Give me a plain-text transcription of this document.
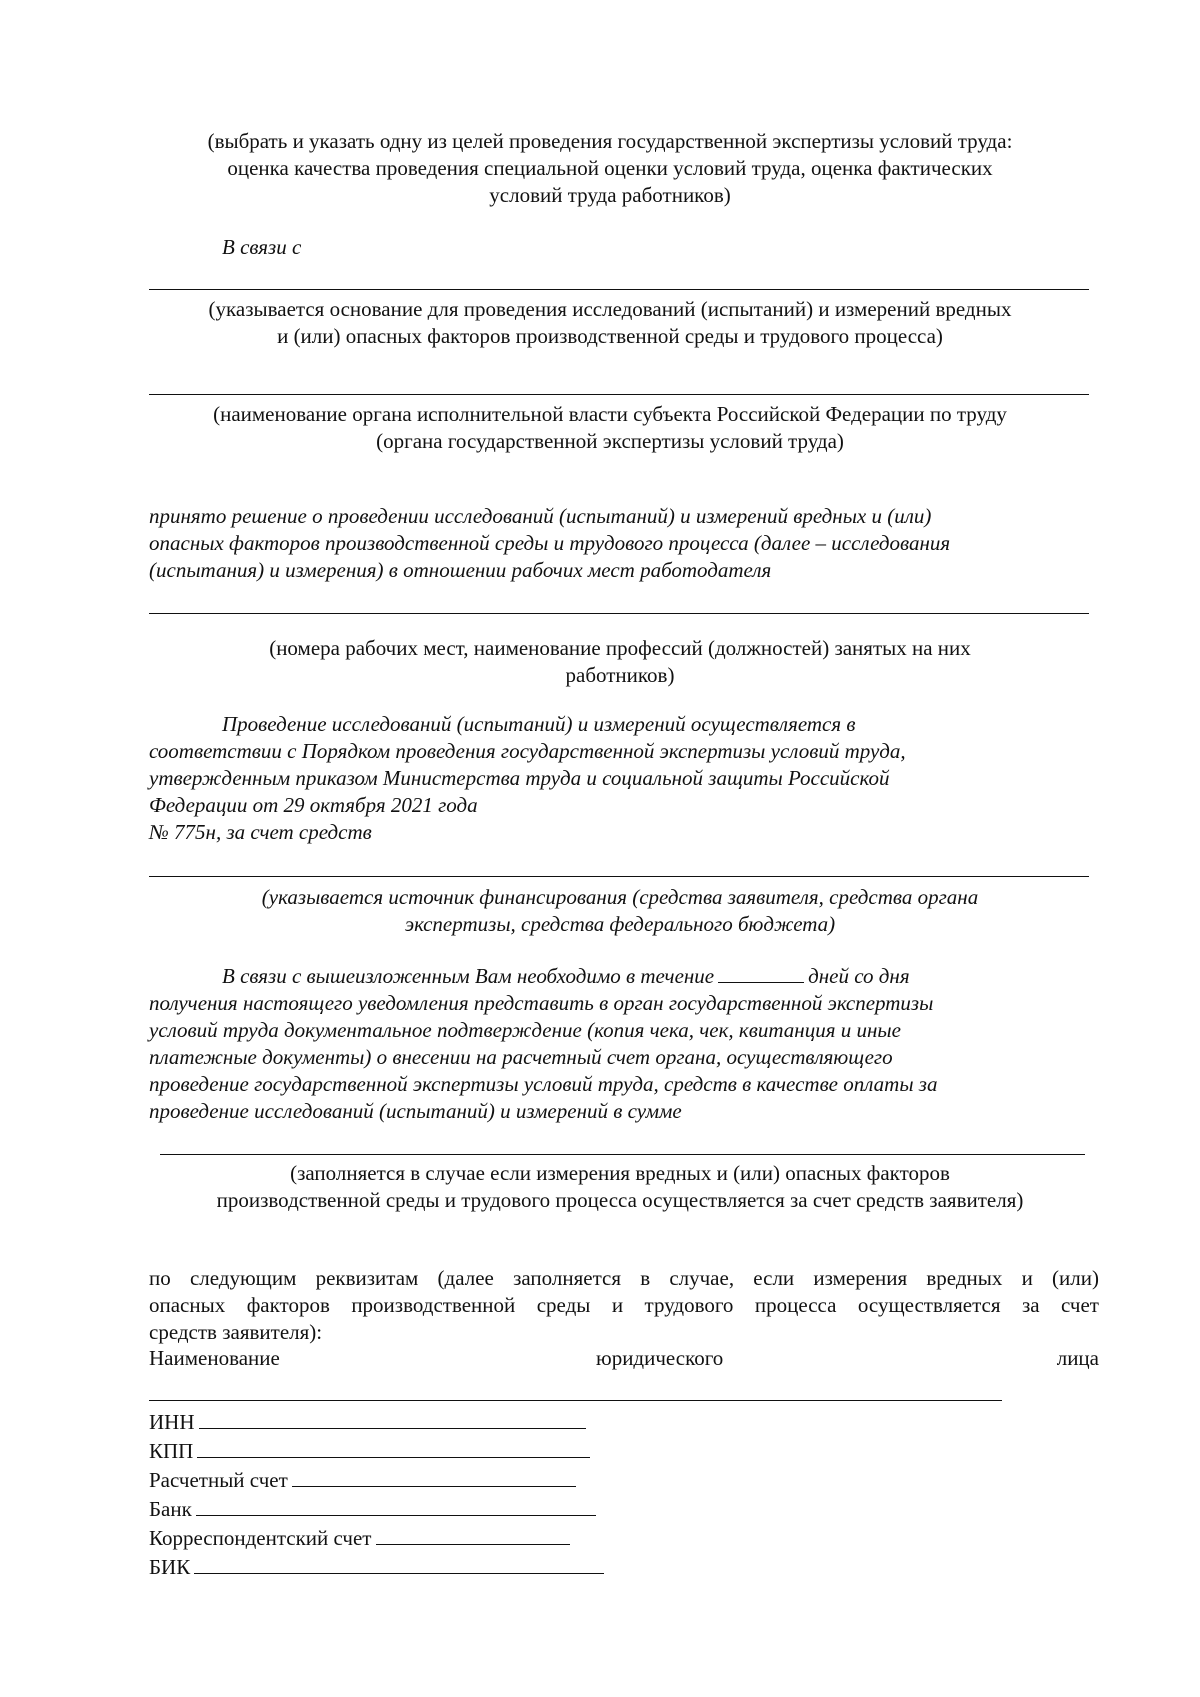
(выбрать и указать одну из целей проведения государственной экспертизы условий труда:
оценка качества проведения специальной оценки условий труда, оценка фактических
условий труда работников)
В связи с
(указывается основание для проведения исследований (испытаний) и измерений вредных
и (или) опасных факторов производственной среды и трудового процесса)
(наименование органа исполнительной власти субъекта Российской Федерации по труду
(органа государственной экспертизы условий труда)
принято решение о проведении исследований (испытаний) и измерений вредных и (или)
опасных факторов производственной среды и трудового процесса (далее – исследования
(испытания) и измерения) в отношении рабочих мест работодателя
(номера рабочих мест, наименование профессий (должностей) занятых на них
работников)
Проведение исследований (испытаний) и измерений осуществляется в
соответствии с Порядком проведения государственной экспертизы условий труда,
утвержденным приказом Министерства труда и социальной защиты Российской
Федерации от 29 октября 2021 года
№ 775н, за счет средств
(указывается источник финансирования (средства заявителя, средства органа
экспертизы, средства федерального бюджета)
В связи с вышеизложенным Вам необходимо в течение	дней со дня
получения настоящего уведомления представить в орган государственной экспертизы
условий труда документальное подтверждение (копия чека, чек, квитанция и иные
платежные документы) о внесении на расчетный счет органа, осуществляющего
проведение государственной экспертизы условий труда, средств в качестве оплаты за
проведение исследований (испытаний) и измерений в сумме
(заполняется в случае если измерения вредных и (или) опасных факторов
производственной среды и трудового процесса осуществляется за счет средств заявителя)
по следующим реквизитам (далее заполняется в случае, если измерения вредных и (или)
опасных факторов производственной среды и трудового процесса осуществляется за счет
средств заявителя):
Наименование	юридического	лица
ИНН
КПП
Расчетный счет
Банк
Корреспондентский счет
БИК
